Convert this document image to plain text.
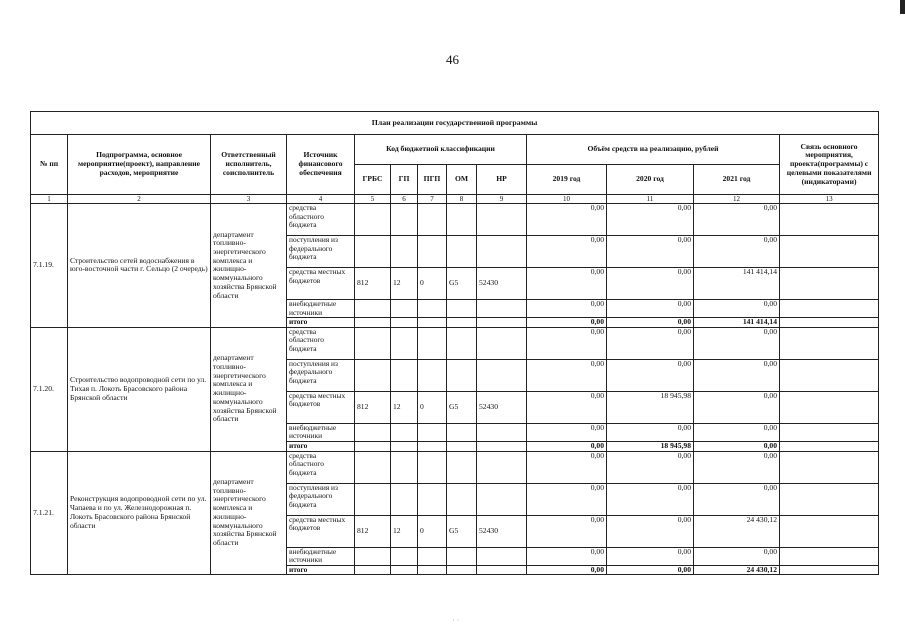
46
План реализации государственной программы												
№ пп	Подпрограмма, основное мероприятие(проект), направление расходов, мероприятие	Ответственный исполнитель, соисполнитель	Источник финансового обеспечения	Код бюджетной классификации					Объём средств на реализацию, рублей			Связь основного мероприятия, проекта(программы) с целевыми показателями (индикаторами)
				ГРБС	ГП	ПГП	ОМ	НР	2019 год	2020 год	2021 год	
1	2	3	4	5	6	7	8	9	10	11	12	13
7.1.19.	Строительство сетей водоснабжения в юго-восточной части г. Сельцо (2 очередь)	департамент топливно-энергетического комплекса и жилищно-коммунального хозяйства Брянской области	средства областного бюджета						0,00	0,00	0,00	
			поступления из федерального бюджета						0,00	0,00	0,00	
			средства местных бюджетов	812	12	0	G5	52430	0,00	0,00	141 414,14	
			внебюджетные источники						0,00	0,00	0,00	
			итого						0,00	0,00	141 414,14	
7.1.20.	Строительство водопроводной сети по ул. Тихая п. Локоть Брасовского района Брянской области	департамент топливно-энергетического комплекса и жилищно-коммунального хозяйства Брянской области	средства областного бюджета						0,00	0,00	0,00	
			поступления из федерального бюджета						0,00	0,00	0,00	
			средства местных бюджетов	812	12	0	G5	52430	0,00	18 945,98	0,00	
			внебюджетные источники						0,00	0,00	0,00	
			итого						0,00	18 945,98	0,00	
7.1.21.	Реконструкция водопроводной сети по ул. Чапаева и по ул. Железнодорожная п. Локоть Брасовского района Брянской области	департамент топливно-энергетического комплекса и жилищно-коммунального хозяйства Брянской области	средства областного бюджета						0,00	0,00	0,00	
			поступления из федерального бюджета						0,00	0,00	0,00	
			средства местных бюджетов	812	12	0	G5	52430	0,00	0,00	24 430,12	
			внебюджетные источники						0,00	0,00	0,00	
			итого						0,00	0,00	24 430,12	
· ·
